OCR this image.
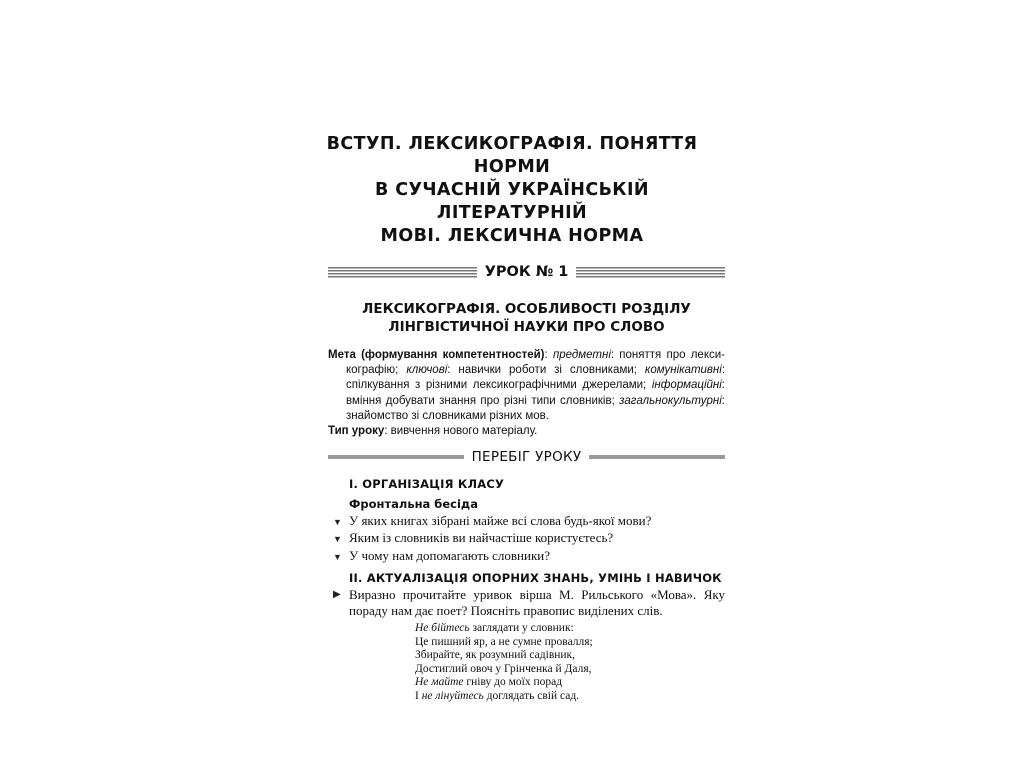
ВСТУП. ЛЕКСИКОГРАФІЯ. ПОНЯТТЯ НОРМИ
В СУЧАСНІЙ УКРАЇНСЬКІЙ ЛІТЕРАТУРНІЙ
МОВІ. ЛЕКСИЧНА НОРМА
УРОК № 1
ЛЕКСИКОГРАФІЯ. ОСОБЛИВОСТІ РОЗДІЛУ
ЛІНГВІСТИЧНОЇ НАУКИ ПРО СЛОВО
Мета (формування компетентностей): предметні: поняття про лекси-кографію; ключові: навички роботи зі словниками; комунікативні: спілкування з різними лексикографічними джерелами; інформаційні: вміння добувати знання про різні типи словників; загальнокультурні: знайомство зі словниками різних мов.
Тип уроку: вивчення нового матеріалу.
ПЕРЕБІГ УРОКУ
I. ОРГАНІЗАЦІЯ КЛАСУ
Фронтальна бесіда
▼ У яких книгах зібрані майже всі слова будь-якої мови?
▼ Яким із словників ви найчастіше користуєтесь?
▼ У чому нам допомагають словники?
II. АКТУАЛІЗАЦІЯ ОПОРНИХ ЗНАНЬ, УМІНЬ І НАВИЧОК
▶ Виразно прочитайте уривок вірша М. Рильського «Мова». Яку пораду нам дає поет? Поясніть правопис виділених слів.
Не бійтесь заглядати у словник:
Це пишний яр, а не сумне провалля;
Збирайте, як розумний садівник,
Достиглий овоч у Грінченка й Даля,
Не майте гніву до моїх порад
І не лінуйтесь доглядать свій сад.
